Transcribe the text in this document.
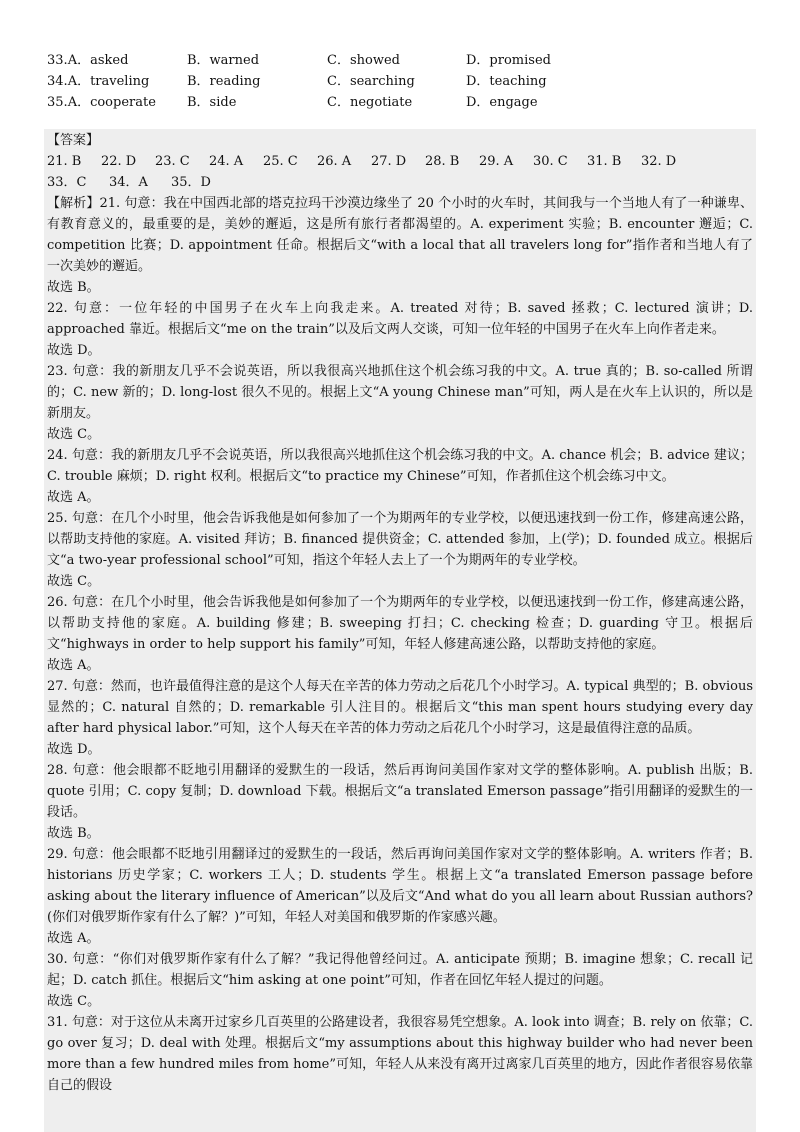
33.A．asked	B．warned	C．showed	D．promised
34.A．traveling	B．reading	C．searching	D．teaching
35.A．cooperate	B．side	C．negotiate	D．engage

【答案】

21. B	22. D	23. C	24. A	25. C	26. A	27. D	28. B	29. A	30. C	31. B	32. D
33．C	34．A	35．D

【解析】21. 句意：我在中国西北部的塔克拉玛干沙漠边缘坐了 20 个小时的火车时，其间我与一个当地人有了一种谦卑、有教育意义的，最重要的是，美妙的邂逅，这是所有旅行者都渴望的。A. experiment 实验；B. encounter 邂逅；C. competition 比赛；D. appointment 任命。根据后文“with a local that all travelers long for”指作者和当地人有了一次美妙的邂逅。

故选 B。

22. 句意：一位年轻的中国男子在火车上向我走来。A. treated 对待；B. saved 拯救；C. lectured 演讲；D. approached 靠近。根据后文“me on the train”以及后文两人交谈，可知一位年轻的中国男子在火车上向作者走来。

故选 D。

23. 句意：我的新朋友几乎不会说英语，所以我很高兴地抓住这个机会练习我的中文。A. true 真的；B. so-called 所谓的；C. new 新的；D. long-lost 很久不见的。根据上文“A young Chinese man”可知，两人是在火车上认识的，所以是新朋友。

故选 C。

24. 句意：我的新朋友几乎不会说英语，所以我很高兴地抓住这个机会练习我的中文。A. chance 机会；B. advice 建议；C. trouble 麻烦；D. right 权利。根据后文“to practice my Chinese”可知，作者抓住这个机会练习中文。

故选 A。

25. 句意：在几个小时里，他会告诉我他是如何参加了一个为期两年的专业学校，以便迅速找到一份工作，修建高速公路，以帮助支持他的家庭。A. visited 拜访；B. financed 提供资金；C. attended 参加，上(学)；D. founded 成立。根据后文“a two-year professional school”可知，指这个年轻人去上了一个为期两年的专业学校。

故选 C。

26. 句意：在几个小时里，他会告诉我他是如何参加了一个为期两年的专业学校，以便迅速找到一份工作，修建高速公路，以帮助支持他的家庭。A. building 修建；B. sweeping 打扫；C. checking 检查；D. guarding 守卫。根据后文“highways in order to help support his family”可知，年轻人修建高速公路，以帮助支持他的家庭。

故选 A。

27. 句意：然而，也许最值得注意的是这个人每天在辛苦的体力劳动之后花几个小时学习。A. typical 典型的；B. obvious 显然的；C. natural 自然的；D. remarkable 引人注目的。根据后文“this man spent hours studying every day after hard physical labor.”可知，这个人每天在辛苦的体力劳动之后花几个小时学习，这是最值得注意的品质。

故选 D。

28. 句意：他会眼都不眨地引用翻译的爱默生的一段话，然后再询问美国作家对文学的整体影响。A. publish 出版；B. quote 引用；C. copy 复制；D. download 下载。根据后文“a translated Emerson passage”指引用翻译的爱默生的一段话。

故选 B。

29. 句意：他会眼都不眨地引用翻译过的爱默生的一段话，然后再询问美国作家对文学的整体影响。A. writers 作者；B. historians 历史学家；C. workers 工人；D. students 学生。根据上文“a translated Emerson passage before asking about the literary influence of American”以及后文“And what do you all learn about Russian authors?(你们对俄罗斯作家有什么了解？)”可知，年轻人对美国和俄罗斯的作家感兴趣。

故选 A。

30. 句意：“你们对俄罗斯作家有什么了解？”我记得他曾经问过。A. anticipate 预期；B. imagine 想象；C. recall 记起；D. catch 抓住。根据后文“him asking at one point”可知，作者在回忆年轻人提过的问题。

故选 C。

31. 句意：对于这位从未离开过家乡几百英里的公路建设者，我很容易凭空想象。A. look into 调查；B. rely on 依靠；C. go over 复习；D. deal with 处理。根据后文“my assumptions about this highway builder who had never been more than a few hundred miles from home”可知，年轻人从来没有离开过离家几百英里的地方，因此作者很容易依靠自己的假设
